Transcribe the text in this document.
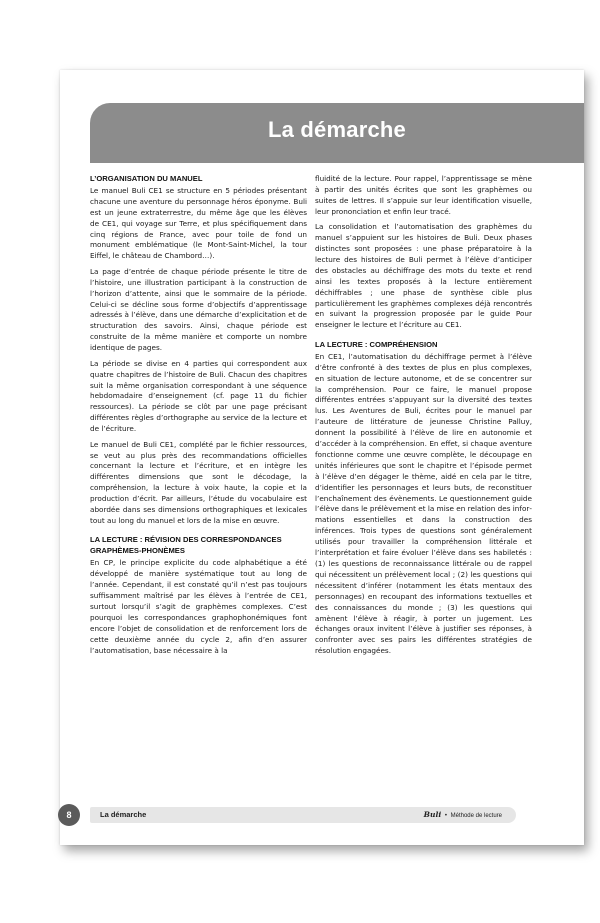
La démarche
L’ORGANISATION DU MANUEL

Le manuel Buli CE1 se structure en 5 périodes présentant chacune une aventure du personnage héros éponyme. Buli est un jeune extraterrestre, du même âge que les élèves de CE1, qui voyage sur Terre, et plus spécifiquement dans cinq régions de France, avec pour toile de fond un monument emblématique (le Mont-Saint-Michel, la tour Eiffel, le château de Chambord…).

La page d’entrée de chaque période présente le titre de l’histoire, une illustration participant à la construction de l’horizon d’attente, ainsi que le sommaire de la période. Celui-ci se décline sous forme d’objectifs d’apprentissage adressés à l’élève, dans une démarche d’explicitation et de structuration des savoirs. Ainsi, chaque période est construite de la même manière et comporte un nombre identique de pages.

La période se divise en 4 parties qui correspondent aux quatre chapitres de l’histoire de Buli. Chacun des chapitres suit la même organisation correspondant à une séquence hebdomadaire d’enseignement (cf. page 11 du fichier ressources). La période se clôt par une page précisant différentes règles d’orthographe au service de la lecture et de l’écriture.

Le manuel de Buli CE1, complété par le fichier ressources, se veut au plus près des recommandations officielles concernant la lecture et l’écriture, et en intègre les différentes dimensions que sont le décodage, la compréhension, la lecture à voix haute, la copie et la production d’écrit. Par ailleurs, l’étude du vocabulaire est abordée dans ses dimensions orthographiques et lexicales tout au long du manuel et lors de la mise en œuvre.

LA LECTURE : RÉVISION DES CORRESPONDANCES
GRAPHÈMES-PHONÈMES

En CP, le principe explicite du code alphabétique a été développé de manière systématique tout au long de l’année. Cependant, il est constaté qu’il n’est pas toujours suffisamment maîtrisé par les élèves à l’entrée de CE1, surtout lorsqu’il s’agit de graphèmes complexes. C’est pourquoi les correspondances graphophonémiques font encore l’objet de consolidation et de renforcement lors de cette deuxième année du cycle 2, afin d’en assurer l’automatisation, base nécessaire à la

fluidité de la lecture. Pour rappel, l’apprentissage se mène à partir des unités écrites que sont les graphèmes ou suites de lettres. Il s’appuie sur leur identification visuelle, leur prononciation et enfin leur tracé.

La consolidation et l’automatisation des graphèmes du manuel s’appuient sur les histoires de Buli. Deux phases distinctes sont proposées : une phase préparatoire à la lecture des histoires de Buli permet à l’élève d’anticiper des obstacles au déchiffrage des mots du texte et rend ainsi les textes proposés à la lecture entièrement déchiffrables ; une phase de synthèse cible plus particulièrement les graphèmes complexes déjà rencontrés en suivant la progression proposée par le guide Pour enseigner le lecture et l’écriture au CE1.

LA LECTURE : COMPRÉHENSION

En CE1, l’automatisation du déchiffrage permet à l’élève d’être confronté à des textes de plus en plus complexes, en situation de lecture autonome, et de se concentrer sur la compréhension. Pour ce faire, le manuel propose différentes entrées s’appuyant sur la diversité des textes lus. Les Aventures de Buli, écrites pour le manuel par l’auteure de littérature de jeunesse Christine Palluy, donnent la possibilité à l’élève de lire en autonomie et d’accéder à la compréhension. En effet, si chaque aventure fonctionne comme une œuvre complète, le découpage en unités inférieures que sont le chapitre et l’épisode permet à l’élève d’en dégager le thème, aidé en cela par le titre, d’identifier les personnages et leurs buts, de reconstituer l’enchaînement des évènements. Le questionnement guide l’élève dans le prélèvement et la mise en relation des informations essentielles et dans la construction des inférences. Trois types de questions sont généralement utilisés pour travailler la compréhension littérale et l’interprétation et faire évoluer l’élève dans ses habiletés : (1) les questions de reconnaissance littérale ou de rappel qui nécessitent un prélèvement local ; (2) les questions qui nécessitent d’inférer (notamment les états mentaux des personnages) en recoupant des informations textuelles et des connaissances du monde ; (3) les questions qui amènent l’élève à réagir, à porter un jugement. Les échanges oraux invitent l’élève à justifier ses réponses, à confronter avec ses pairs les différentes stratégies de résolution engagées.

La démarche	Buli • Méthode de lecture
8
